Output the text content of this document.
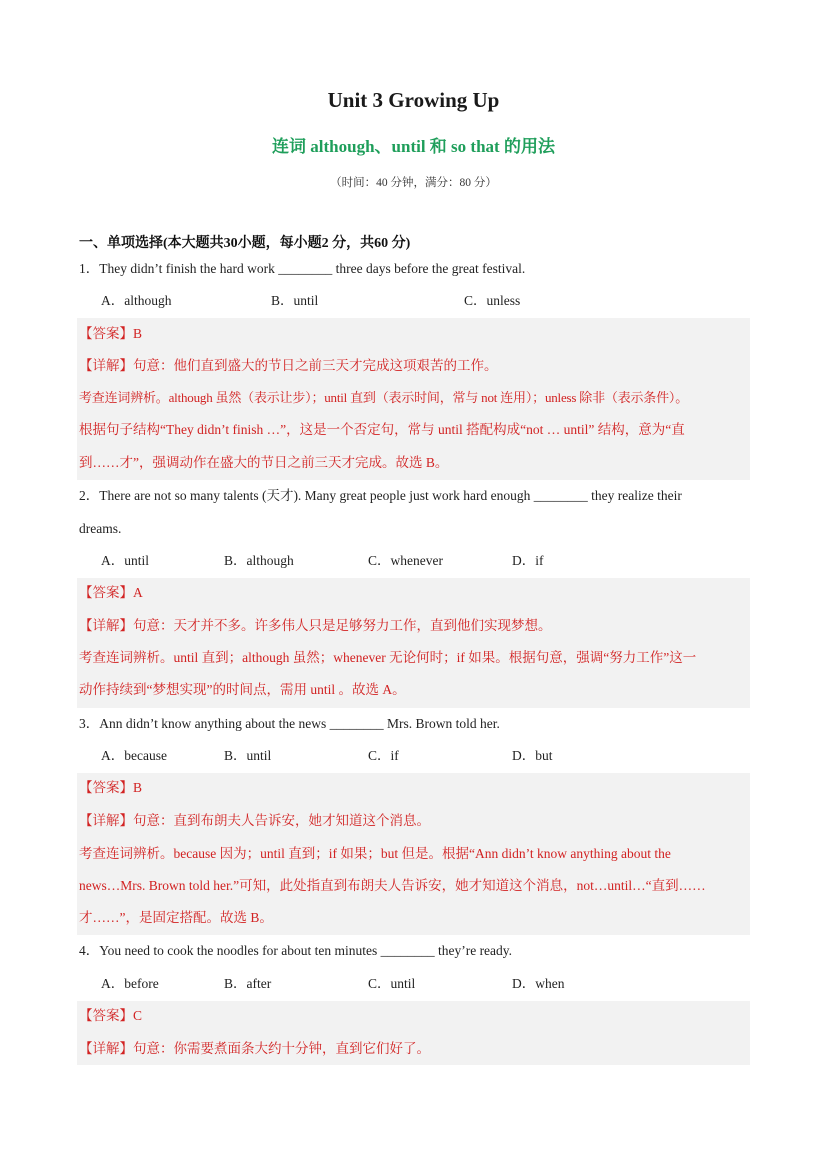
Unit 3 Growing Up
连词 although、until 和 so that 的用法
（时间：40 分钟，满分：80 分）
一、单项选择(本大题共30小题，每小题2 分，共60 分)
1．They didn’t finish the hard work ________ three days before the great festival.
A．although	B．until	C．unless
【答案】B
【详解】句意：他们直到盛大的节日之前三天才完成这项艰苦的工作。
考查连词辨析。although 虽然（表示让步）；until 直到（表示时间，常与 not 连用）；unless 除非（表示条件）。
根据句子结构“They didn’t finish …”，这是一个否定句，常与 until 搭配构成“not … until” 结构，意为“直
到……才”，强调动作在盛大的节日之前三天才完成。故选 B。
2．There are not so many talents (天才). Many great people just work hard enough ________ they realize their
dreams.
A．until	B．although	C．whenever	D．if
【答案】A
【详解】句意：天才并不多。许多伟人只是足够努力工作，直到他们实现梦想。
考查连词辨析。until 直到；although 虽然；whenever 无论何时；if 如果。根据句意，强调“努力工作”这一
动作持续到“梦想实现”的时间点，需用 until 。故选 A。
3．Ann didn’t know anything about the news ________ Mrs. Brown told her.
A．because	B．until	C．if	D．but
【答案】B
【详解】句意：直到布朗夫人告诉安，她才知道这个消息。
考查连词辨析。because 因为；until 直到；if 如果；but 但是。根据“Ann didn’t know anything about the
news…Mrs. Brown told her.”可知，此处指直到布朗夫人告诉安，她才知道这个消息，not…until…“直到……
才……”，是固定搭配。故选 B。
4．You need to cook the noodles for about ten minutes ________ they’re ready.
A．before	B．after	C．until	D．when
【答案】C
【详解】句意：你需要煮面条大约十分钟，直到它们好了。
